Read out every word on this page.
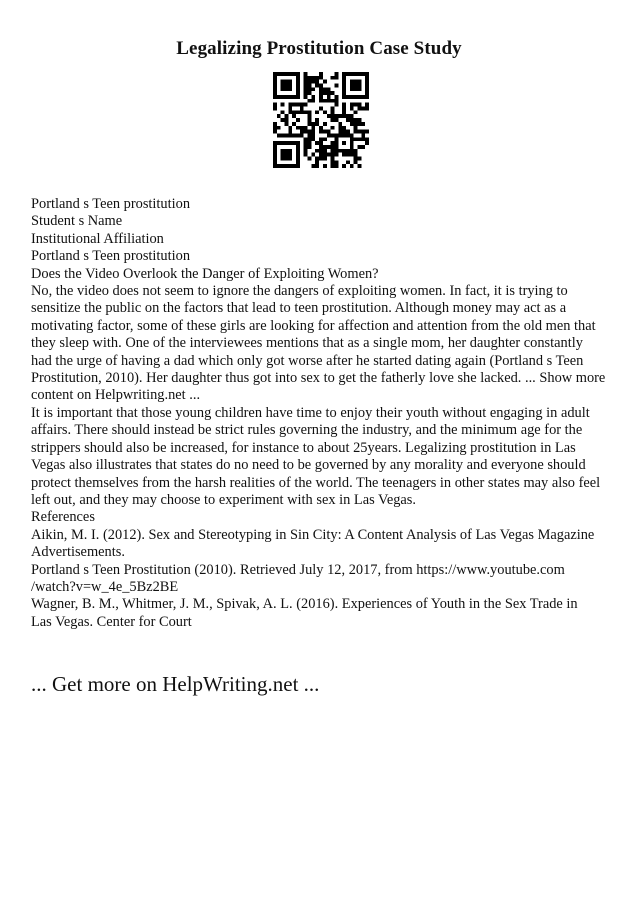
Legalizing Prostitution Case Study
Portland s Teen prostitution
Student s Name
Institutional Affiliation
Portland s Teen prostitution
Does the Video Overlook the Danger of Exploiting Women?
No, the video does not seem to ignore the dangers of exploiting women. In fact, it is trying to
sensitize the public on the factors that lead to teen prostitution. Although money may act as a
motivating factor, some of these girls are looking for affection and attention from the old men that
they sleep with. One of the interviewees mentions that as a single mom, her daughter constantly
had the urge of having a dad which only got worse after he started dating again (Portland s Teen
Prostitution, 2010). Her daughter thus got into sex to get the fatherly love she lacked. ... Show more
content on Helpwriting.net ...
It is important that those young children have time to enjoy their youth without engaging in adult
affairs. There should instead be strict rules governing the industry, and the minimum age for the
strippers should also be increased, for instance to about 25years. Legalizing prostitution in Las
Vegas also illustrates that states do no need to be governed by any morality and everyone should
protect themselves from the harsh realities of the world. The teenagers in other states may also feel
left out, and they may choose to experiment with sex in Las Vegas.
References
Aikin, M. I. (2012). Sex and Stereotyping in Sin City: A Content Analysis of Las Vegas Magazine
Advertisements.
Portland s Teen Prostitution (2010). Retrieved July 12, 2017, from https://www.youtube.com
/watch?v=w_4e_5Bz2BE
Wagner, B. M., Whitmer, J. M., Spivak, A. L. (2016). Experiences of Youth in the Sex Trade in
Las Vegas. Center for Court
... Get more on HelpWriting.net ...
